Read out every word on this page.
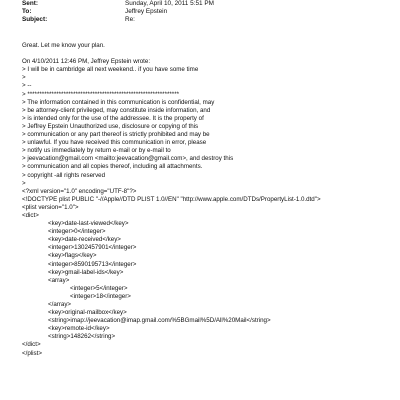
Sent:	Sunday, April 10, 2011 5:51 PM
To:	Jeffrey Epstein
Subject:	Re:
Great. Let me know your plan.
On 4/10/2011 12:46 PM, Jeffrey Epstein wrote:
> I will be in cambridge all next weekend.. if you have some time
>
> --
> ***************************************************************
> The information contained in this communication is confidential, may
> be attorney-client privileged, may constitute inside information, and
> is intended only for the use of the addressee. It is the property of
> Jeffrey Epstein Unauthorized use, disclosure or copying of this
> communication or any part thereof is strictly prohibited and may be
> unlawful. If you have received this communication in error, please
> notify us immediately by return e-mail or by e-mail to
> jeevacation@gmail.com <mailto:jeevacation@gmail.com>, and destroy this
> communication and all copies thereof, including all attachments.
> copyright -all rights reserved
>
<?xml version="1.0" encoding="UTF-8"?>
<!DOCTYPE plist PUBLIC "-//Apple//DTD PLIST 1.0//EN" "http://www.apple.com/DTDs/PropertyList-1.0.dtd">
<plist version="1.0">
<dict>
<key>date-last-viewed</key>
<integer>0</integer>
<key>date-received</key>
<integer>1302457901</integer>
<key>flags</key>
<integer>8590195713</integer>
<key>gmail-label-ids</key>
<array>
<integer>5</integer>
<integer>18</integer>
</array>
<key>original-mailbox</key>
<string>imap://jeevacation@imap.gmail.com/%5BGmail%5D/All%20Mail</string>
<key>remote-id</key>
<string>148262</string>
</dict>
</plist>
